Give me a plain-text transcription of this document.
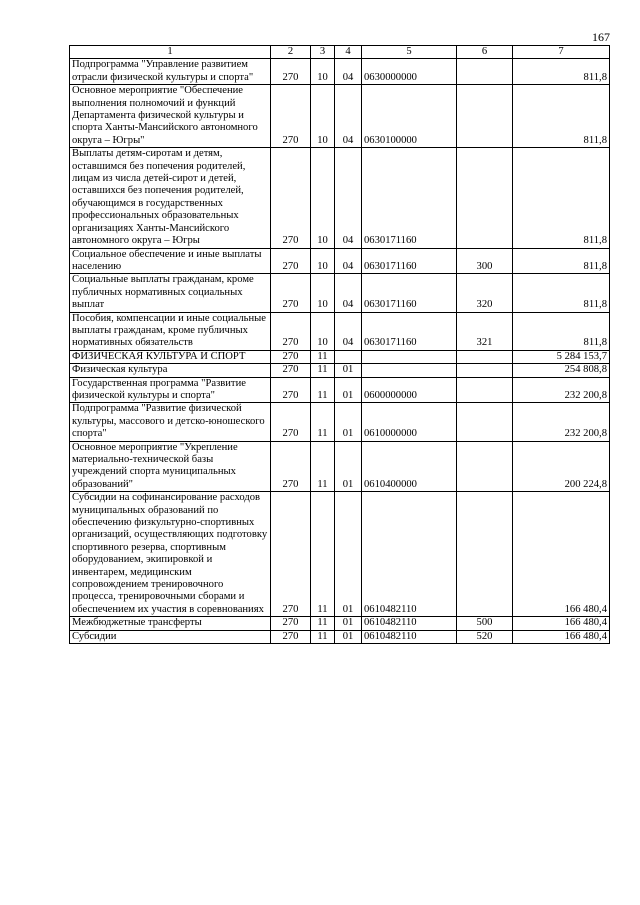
167
1	2	3	4	5	6	7
Подпрограмма "Управление развитием отрасли физической культуры и спорта"	270	10	04	0630000000		811,8
Основное мероприятие "Обеспечение выполнения полномочий и функций Департамента физической культуры и спорта Ханты-Мансийского автономного округа – Югры"	270	10	04	0630100000		811,8
Выплаты детям-сиротам и детям, оставшимся без попечения родителей, лицам из числа детей-сирот и детей, оставшихся без попечения родителей, обучающимся в государственных профессиональных образовательных организациях Ханты-Мансийского автономного округа – Югры	270	10	04	0630171160		811,8
Социальное обеспечение и иные выплаты населению	270	10	04	0630171160	300	811,8
Социальные выплаты гражданам, кроме публичных нормативных социальных выплат	270	10	04	0630171160	320	811,8
Пособия, компенсации и иные социальные выплаты гражданам, кроме публичных нормативных обязательств	270	10	04	0630171160	321	811,8
ФИЗИЧЕСКАЯ КУЛЬТУРА И СПОРТ	270	11				5 284 153,7
Физическая культура	270	11	01			254 808,8
Государственная программа "Развитие физической культуры и спорта"	270	11	01	0600000000		232 200,8
Подпрограмма "Развитие физической культуры, массового и детско-юношеского спорта"	270	11	01	0610000000		232 200,8
Основное мероприятие "Укрепление материально-технической базы учреждений спорта муниципальных образований"	270	11	01	0610400000		200 224,8
Субсидии на софинансирование расходов муниципальных образований по обеспечению физкультурно-спортивных организаций, осуществляющих подготовку спортивного резерва, спортивным оборудованием, экипировкой и инвентарем, медицинским сопровождением тренировочного процесса, тренировочными сборами и обеспечением их участия в соревнованиях	270	11	01	0610482110		166 480,4
Межбюджетные трансферты	270	11	01	0610482110	500	166 480,4
Субсидии	270	11	01	0610482110	520	166 480,4
